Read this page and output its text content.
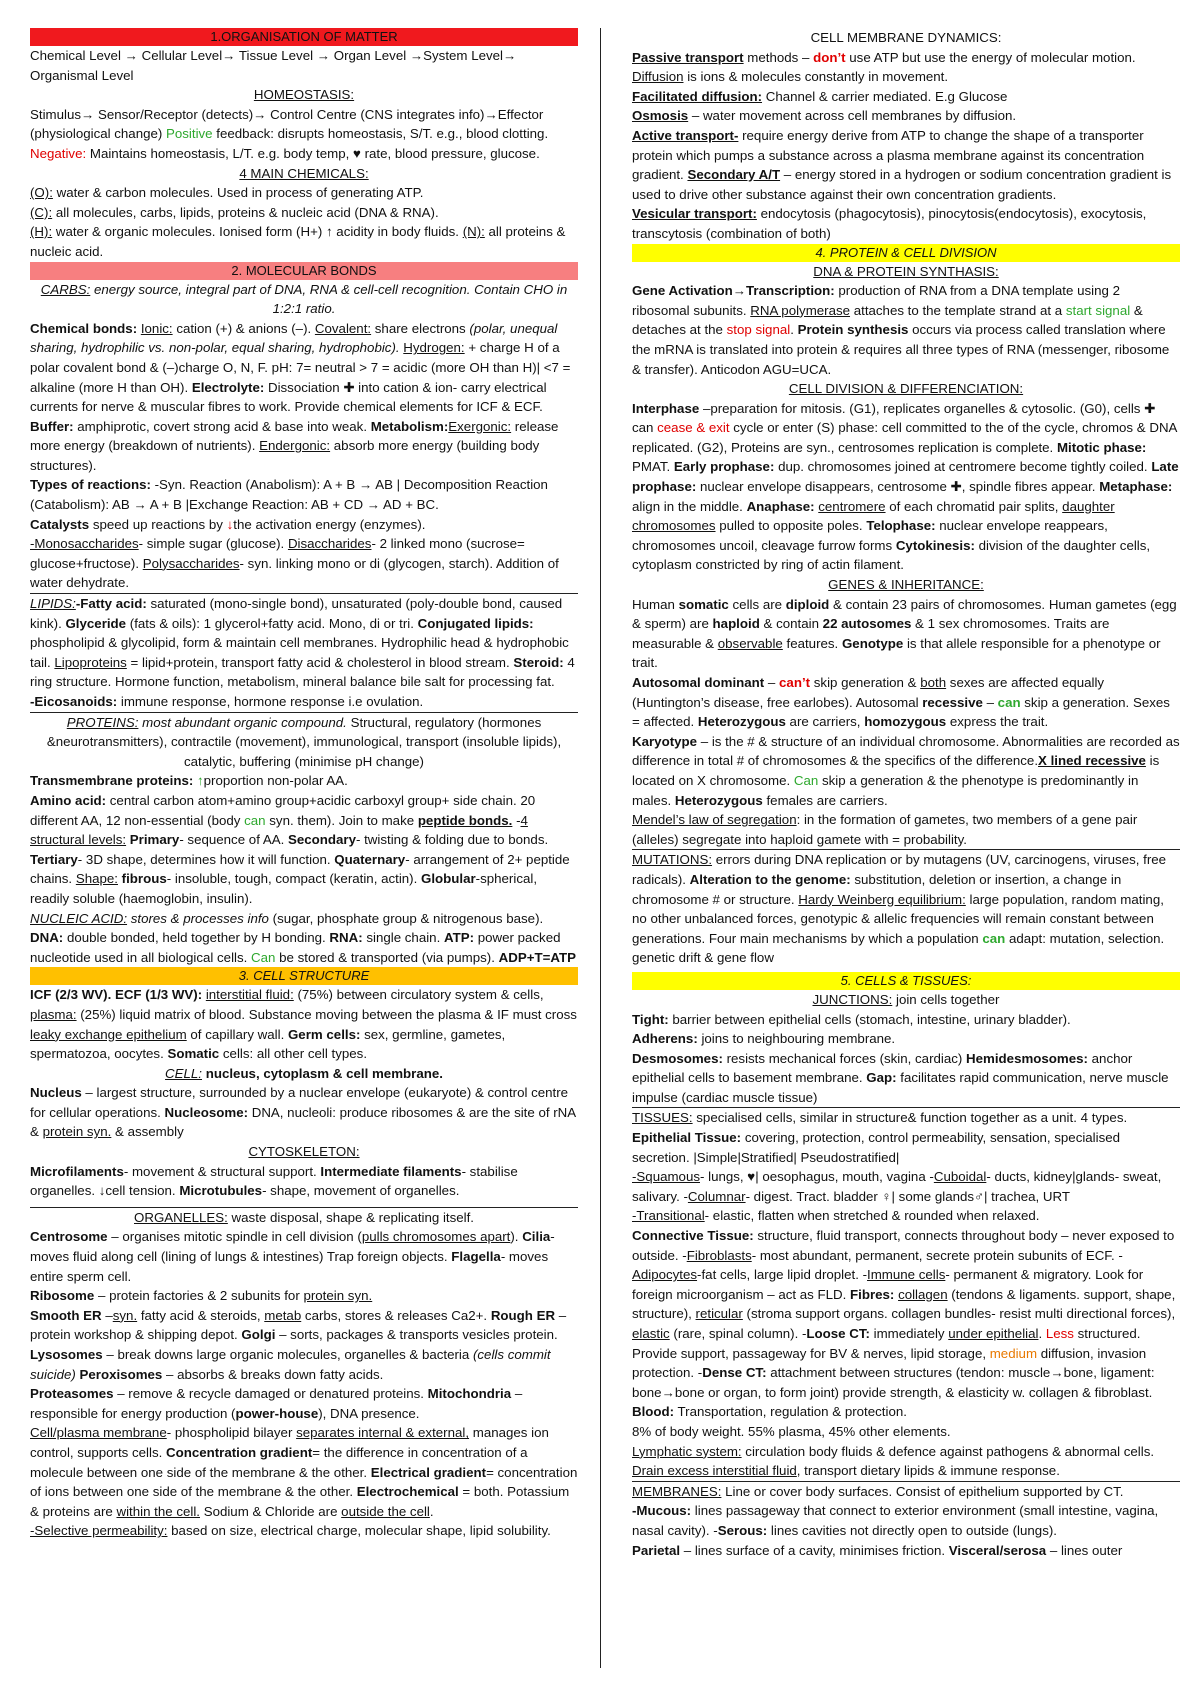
1.ORGANISATION OF MATTER

Chemical Level → Cellular Level→ Tissue Level → Organ Level →System Level→ Organismal Level

HOMEOSTASIS:

Stimulus→ Sensor/Receptor (detects)→ Control Centre (CNS integrates info)→Effector (physiological change) Positive feedback: disrupts homeostasis, S/T. e.g., blood clotting. Negative: Maintains homeostasis, L/T. e.g. body temp, ♥ rate, blood pressure, glucose.

4 MAIN CHEMICALS:

(O): water & carbon molecules. Used in process of generating ATP.
(C): all molecules, carbs, lipids, proteins & nucleic acid (DNA & RNA).
(H): water & organic molecules. Ionised form (H+) ↑ acidity in body fluids. (N): all proteins & nucleic acid.

2. MOLECULAR BONDS

CARBS: energy source, integral part of DNA, RNA & cell-cell recognition. Contain CHO in 1:2:1 ratio.

Chemical bonds: Ionic: cation (+) & anions (–). Covalent: share electrons (polar, unequal sharing, hydrophilic vs. non-polar, equal sharing, hydrophobic). Hydrogen: + charge H of a polar covalent bond & (–)charge O, N, F. pH: 7= neutral > 7 = acidic (more OH than H)| <7 = alkaline (more H than OH). Electrolyte: Dissociation ✚ into cation & ion- carry electrical currents for nerve & muscular fibres to work. Provide chemical elements for ICF & ECF. Buffer: amphiprotic, covert strong acid & base into weak. Metabolism:Exergonic: release more energy (breakdown of nutrients). Endergonic: absorb more energy (building body structures).
Types of reactions: -Syn. Reaction (Anabolism): A + B → AB | Decomposition Reaction (Catabolism): AB → A + B |Exchange Reaction: AB + CD → AD + BC.
Catalysts speed up reactions by ↓the activation energy (enzymes).
-Monosaccharides- simple sugar (glucose). Disaccharides- 2 linked mono (sucrose= glucose+fructose). Polysaccharides- syn. linking mono or di (glycogen, starch). Addition of water dehydrate.

LIPIDS:-Fatty acid: saturated (mono-single bond), unsaturated (poly-double bond, caused kink). Glyceride (fats & oils): 1 glycerol+fatty acid. Mono, di or tri. Conjugated lipids: phospholipid & glycolipid, form & maintain cell membranes. Hydrophilic head & hydrophobic tail. Lipoproteins = lipid+protein, transport fatty acid & cholesterol in blood stream. Steroid: 4 ring structure. Hormone function, metabolism, mineral balance bile salt for processing fat.
-Eicosanoids: immune response, hormone response i.e ovulation.

PROTEINS: most abundant organic compound. Structural, regulatory (hormones &neurotransmitters), contractile (movement), immunological, transport (insoluble lipids), catalytic, buffering (minimise pH change)

Transmembrane proteins: ↑proportion non-polar AA.
Amino acid: central carbon atom+amino group+acidic carboxyl group+ side chain. 20 different AA, 12 non-essential (body can syn. them). Join to make peptide bonds. -4 structural levels: Primary- sequence of AA. Secondary- twisting & folding due to bonds. Tertiary- 3D shape, determines how it will function. Quaternary- arrangement of 2+ peptide chains. Shape: fibrous- insoluble, tough, compact (keratin, actin). Globular-spherical, readily soluble (haemoglobin, insulin).
NUCLEIC ACID: stores & processes info (sugar, phosphate group & nitrogenous base). DNA: double bonded, held together by H bonding. RNA: single chain. ATP: power packed nucleotide used in all biological cells. Can be stored & transported (via pumps). ADP+T=ATP

3. CELL STRUCTURE

ICF (2/3 WV). ECF (1/3 WV): interstitial fluid: (75%) between circulatory system & cells, plasma: (25%) liquid matrix of blood. Substance moving between the plasma & IF must cross leaky exchange epithelium of capillary wall. Germ cells: sex, germline, gametes, spermatozoa, oocytes. Somatic cells: all other cell types.

CELL: nucleus, cytoplasm & cell membrane.

Nucleus – largest structure, surrounded by a nuclear envelope (eukaryote) & control centre for cellular operations. Nucleosome: DNA, nucleoli: produce ribosomes & are the site of rNA & protein syn. & assembly

CYTOSKELETON:

Microfilaments- movement & structural support. Intermediate filaments- stabilise organelles. ↓cell tension. Microtubules- shape, movement of organelles.

ORGANELLES: waste disposal, shape & replicating itself.

Centrosome – organises mitotic spindle in cell division (pulls chromosomes apart). Cilia- moves fluid along cell (lining of lungs & intestines) Trap foreign objects. Flagella- moves entire sperm cell.
Ribosome – protein factories & 2 subunits for protein syn.
Smooth ER –syn. fatty acid & steroids, metab carbs, stores & releases Ca2+. Rough ER – protein workshop & shipping depot. Golgi – sorts, packages & transports vesicles protein. Lysosomes – break downs large organic molecules, organelles & bacteria (cells commit suicide) Peroxisomes – absorbs & breaks down fatty acids.
Proteasomes – remove & recycle damaged or denatured proteins. Mitochondria – responsible for energy production (power-house), DNA presence.
Cell/plasma membrane- phospholipid bilayer separates internal & external, manages ion control, supports cells. Concentration gradient= the difference in concentration of a molecule between one side of the membrane & the other. Electrical gradient= concentration of ions between one side of the membrane & the other. Electrochemical = both. Potassium & proteins are within the cell. Sodium & Chloride are outside the cell.
-Selective permeability: based on size, electrical charge, molecular shape, lipid solubility.

CELL MEMBRANE DYNAMICS:

Passive transport methods – don’t use ATP but use the energy of molecular motion. Diffusion is ions & molecules constantly in movement.
Facilitated diffusion: Channel & carrier mediated. E.g Glucose
Osmosis – water movement across cell membranes by diffusion.
Active transport- require energy derive from ATP to change the shape of a transporter protein which pumps a substance across a plasma membrane against its concentration gradient. Secondary A/T – energy stored in a hydrogen or sodium concentration gradient is used to drive other substance against their own concentration gradients.
Vesicular transport: endocytosis (phagocytosis), pinocytosis(endocytosis), exocytosis, transcytosis (combination of both)

4. PROTEIN & CELL DIVISION
DNA & PROTEIN SYNTHASIS:

Gene Activation→Transcription: production of RNA from a DNA template using 2 ribosomal subunits. RNA polymerase attaches to the template strand at a start signal & detaches at the stop signal. Protein synthesis occurs via process called translation where the mRNA is translated into protein & requires all three types of RNA (messenger, ribosome & transfer). Anticodon AGU=UCA.

CELL DIVISION & DIFFERENCIATION:

Interphase –preparation for mitosis. (G1), replicates organelles & cytosolic. (G0), cells ✚ can cease & exit cycle or enter (S) phase: cell committed to the of the cycle, chromos & DNA replicated. (G2), Proteins are syn., centrosomes replication is complete. Mitotic phase: PMAT. Early prophase: dup. chromosomes joined at centromere become tightly coiled. Late prophase: nuclear envelope disappears, centrosome ✚, spindle fibres appear. Metaphase: align in the middle. Anaphase: centromere of each chromatid pair splits, daughter chromosomes pulled to opposite poles. Telophase: nuclear envelope reappears, chromosomes uncoil, cleavage furrow forms Cytokinesis: division of the daughter cells, cytoplasm constricted by ring of actin filament.

GENES & INHERITANCE:

Human somatic cells are diploid & contain 23 pairs of chromosomes. Human gametes (egg & sperm) are haploid & contain 22 autosomes & 1 sex chromosomes. Traits are measurable & observable features. Genotype is that allele responsible for a phenotype or trait.
Autosomal dominant – can’t skip generation & both sexes are affected equally (Huntington’s disease, free earlobes). Autosomal recessive – can skip a generation. Sexes = affected. Heterozygous are carriers, homozygous express the trait.
Karyotype – is the # & structure of an individual chromosome. Abnormalities are recorded as difference in total # of chromosomes & the specifics of the difference.X lined recessive is located on X chromosome. Can skip a generation & the phenotype is predominantly in males. Heterozygous females are carriers.
Mendel’s law of segregation: in the formation of gametes, two members of a gene pair (alleles) segregate into haploid gamete with = probability.

MUTATIONS: errors during DNA replication or by mutagens (UV, carcinogens, viruses, free radicals). Alteration to the genome: substitution, deletion or insertion, a change in chromosome # or structure. Hardy Weinberg equilibrium: large population, random mating, no other unbalanced forces, genotypic & allelic frequencies will remain constant between generations. Four main mechanisms by which a population can adapt: mutation, selection. genetic drift & gene flow

5. CELLS & TISSUES:

JUNCTIONS: join cells together

Tight: barrier between epithelial cells (stomach, intestine, urinary bladder).
Adherens: joins to neighbouring membrane.
Desmosomes: resists mechanical forces (skin, cardiac) Hemidesmosomes: anchor epithelial cells to basement membrane. Gap: facilitates rapid communication, nerve muscle impulse (cardiac muscle tissue)

TISSUES: specialised cells, similar in structure& function together as a unit. 4 types. Epithelial Tissue: covering, protection, control permeability, sensation, specialised secretion. |Simple|Stratified| Pseudostratified|
-Squamous- lungs, ♥| oesophagus, mouth, vagina -Cuboidal- ducts, kidney|glands- sweat, salivary. -Columnar- digest. Tract. bladder ♀| some glands♂| trachea, URT
-Transitional- elastic, flatten when stretched & rounded when relaxed.
Connective Tissue: structure, fluid transport, connects throughout body – never exposed to outside. -Fibroblasts- most abundant, permanent, secrete protein subunits of ECF. -Adipocytes-fat cells, large lipid droplet. -Immune cells- permanent & migratory. Look for foreign microorganism – act as FLD. Fibres: collagen (tendons & ligaments. support, shape, structure), reticular (stroma support organs. collagen bundles- resist multi directional forces), elastic (rare, spinal column). -Loose CT: immediately under epithelial. Less structured. Provide support, passageway for BV & nerves, lipid storage, medium diffusion, invasion protection. -Dense CT: attachment between structures (tendon: muscle→bone, ligament: bone→bone or organ, to form joint) provide strength, & elasticity w. collagen & fibroblast.
Blood: Transportation, regulation & protection.
8% of body weight. 55% plasma, 45% other elements.
Lymphatic system: circulation body fluids & defence against pathogens & abnormal cells. Drain excess interstitial fluid, transport dietary lipids & immune response.

MEMBRANES: Line or cover body surfaces. Consist of epithelium supported by CT.
-Mucous: lines passageway that connect to exterior environment (small intestine, vagina, nasal cavity). -Serous: lines cavities not directly open to outside (lungs).
Parietal – lines surface of a cavity, minimises friction. Visceral/serosa – lines outer
